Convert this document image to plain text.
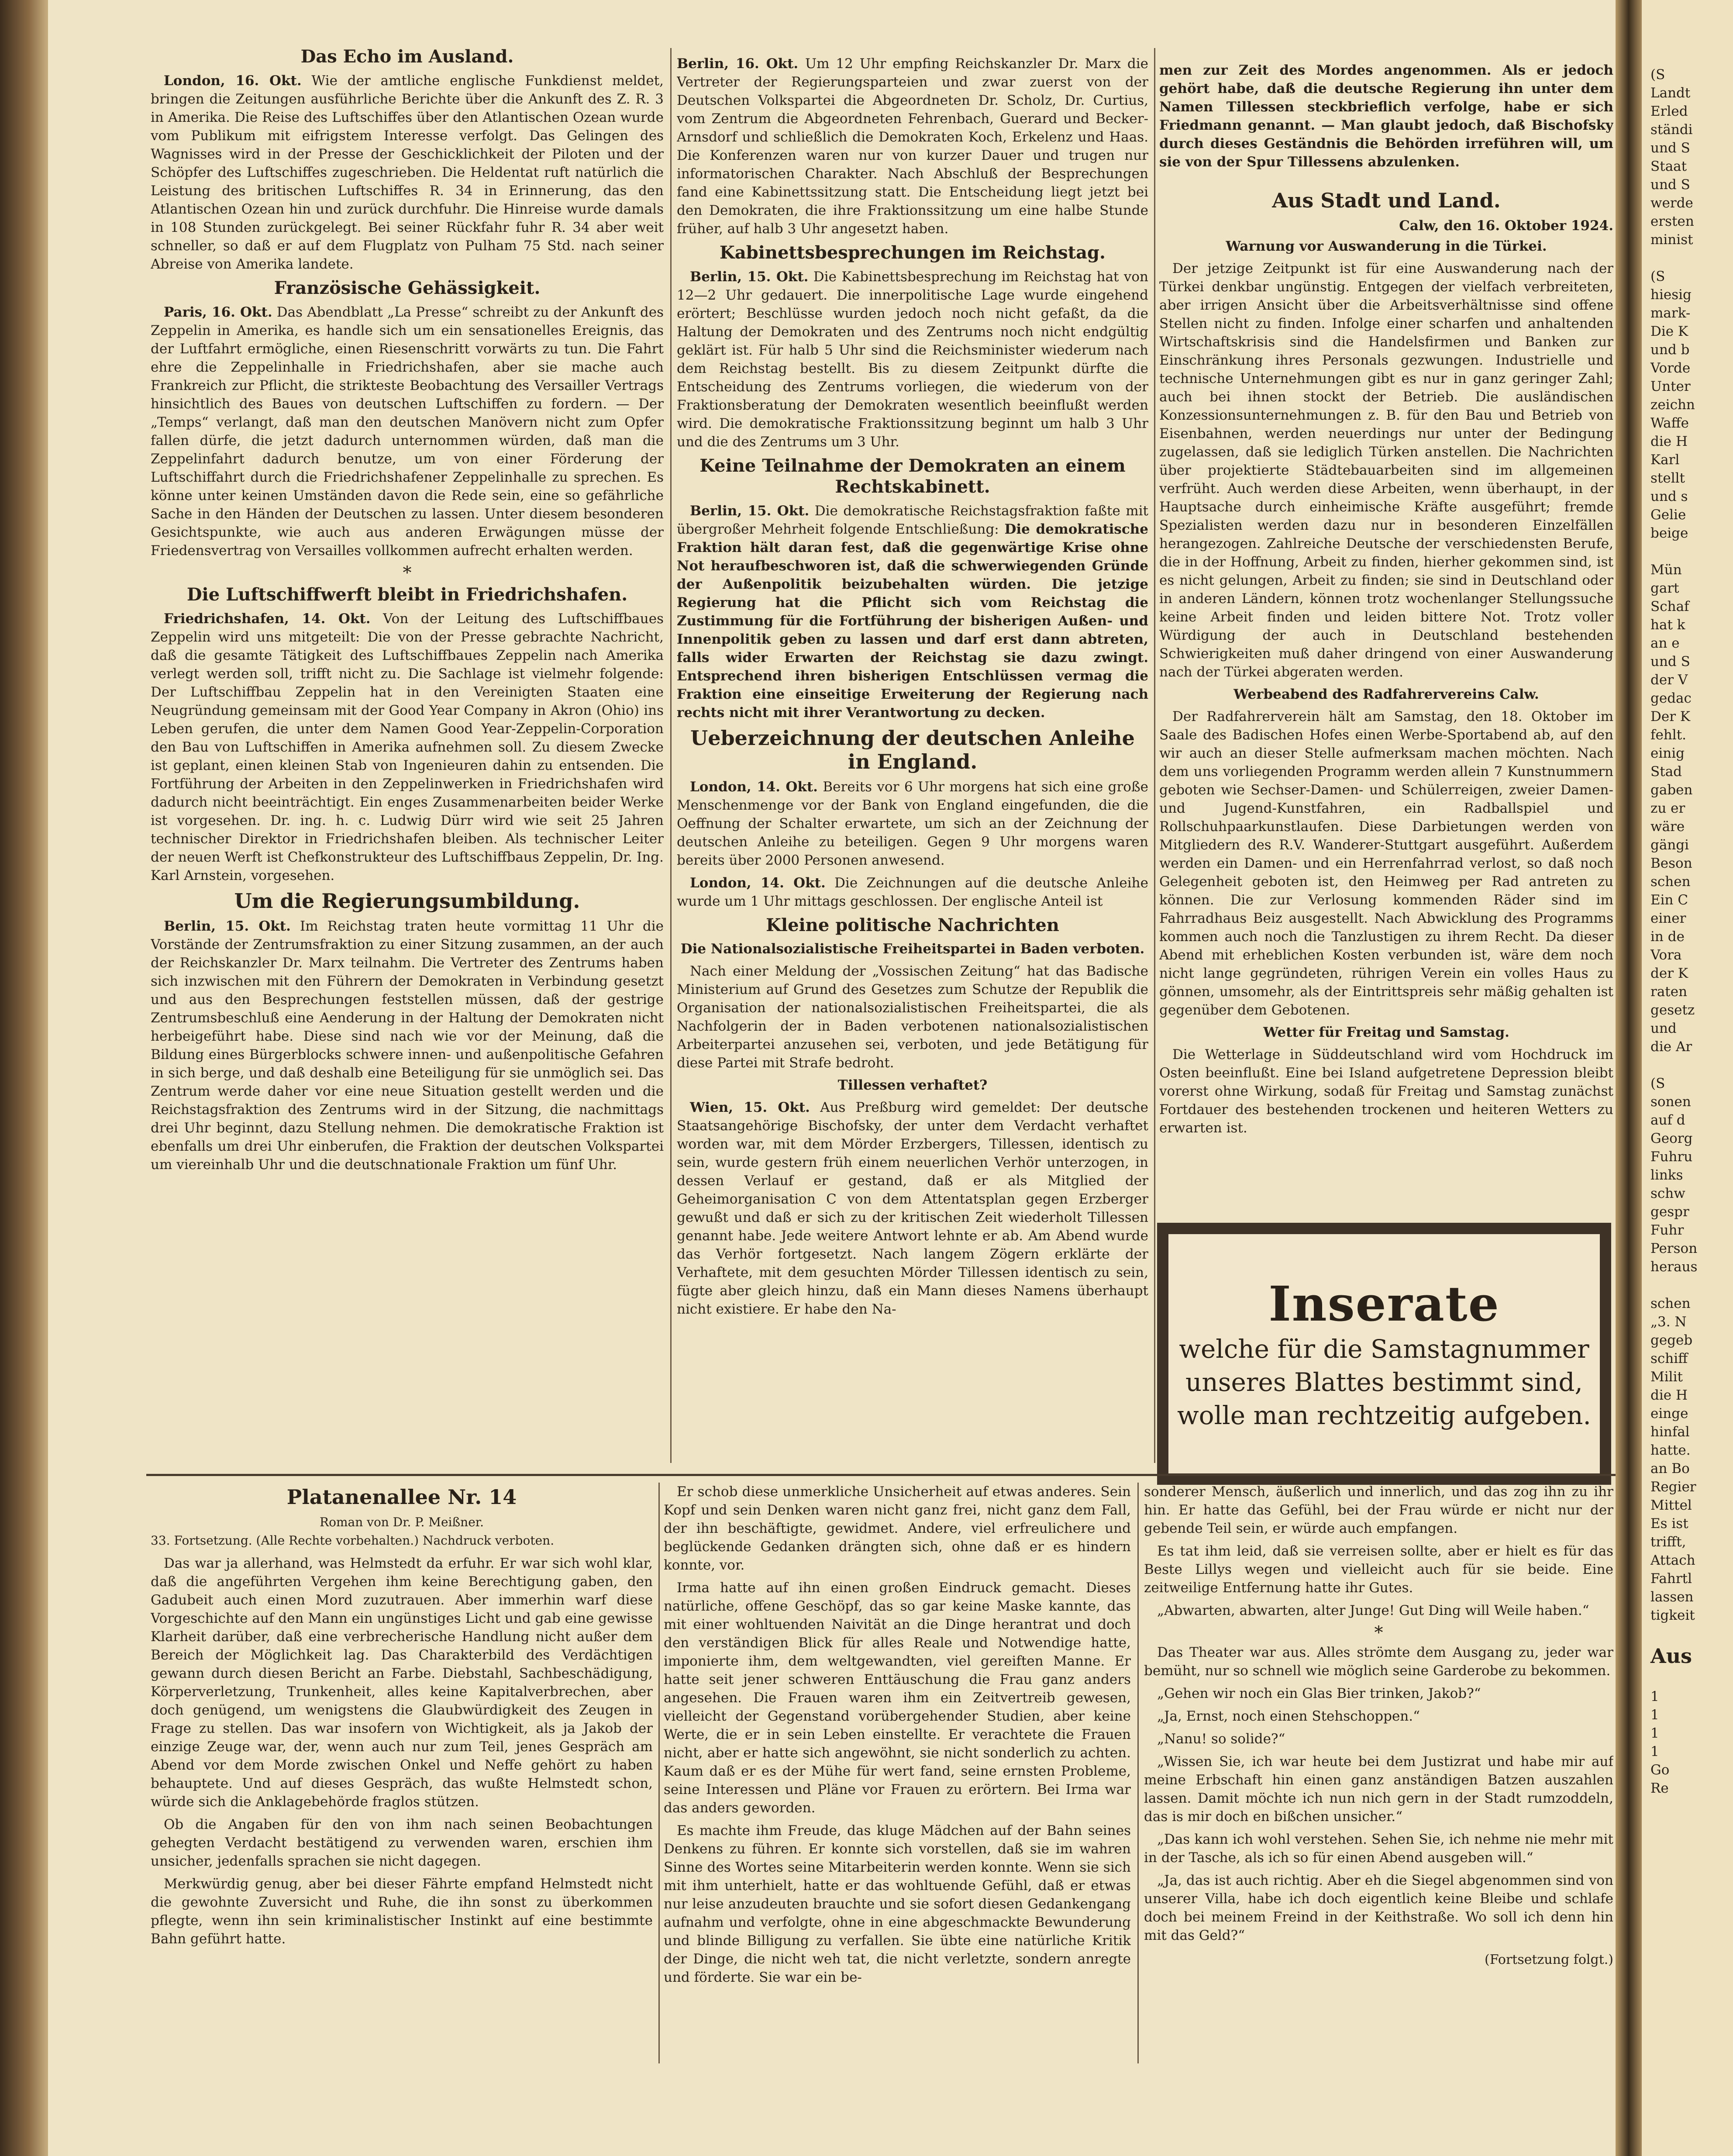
Das Echo im Ausland.

London, 16. Okt. Wie der amtliche englische Funkdienst meldet, bringen die Zeitungen ausführliche Berichte über die Ankunft des Z. R. 3 in Amerika. Die Reise des Luftschiffes über den Atlantischen Ozean wurde vom Publikum mit eifrigstem Interesse verfolgt. Das Gelingen des Wagnisses wird in der Presse der Geschicklichkeit der Piloten und der Schöpfer des Luftschiffes zugeschrieben. Die Heldentat ruft natürlich die Leistung des britischen Luftschiffes R. 34 in Erinnerung, das den Atlantischen Ozean hin und zurück durchfuhr. Die Hinreise wurde damals in 108 Stunden zurückgelegt. Bei seiner Rückfahr fuhr R. 34 aber weit schneller, so daß er auf dem Flugplatz von Pulham 75 Std. nach seiner Abreise von Amerika landete.

Französische Gehässigkeit.

Paris, 16. Okt. Das Abendblatt „La Presse“ schreibt zu der Ankunft des Zeppelin in Amerika, es handle sich um ein sensationelles Ereignis, das der Luftfahrt ermögliche, einen Riesenschritt vorwärts zu tun. Die Fahrt ehre die Zeppelinhalle in Friedrichshafen, aber sie mache auch Frankreich zur Pflicht, die strikteste Beobachtung des Versailler Vertrags hinsichtlich des Baues von deutschen Luftschiffen zu fordern. — Der „Temps“ verlangt, daß man den deutschen Manövern nicht zum Opfer fallen dürfe, die jetzt dadurch unternommen würden, daß man die Zeppelinfahrt dadurch benutze, um von einer Förderung der Luftschiffahrt durch die Friedrichshafener Zeppelinhalle zu sprechen. Es könne unter keinen Umständen davon die Rede sein, eine so gefährliche Sache in den Händen der Deutschen zu lassen. Unter diesem besonderen Gesichtspunkte, wie auch aus anderen Erwägungen müsse der Friedensvertrag von Versailles vollkommen aufrecht erhalten werden.

*
Die Luftschiffwerft bleibt in Friedrichshafen.

Friedrichshafen, 14. Okt. Von der Leitung des Luftschiffbaues Zeppelin wird uns mitgeteilt: Die von der Presse gebrachte Nachricht, daß die gesamte Tätigkeit des Luftschiffbaues Zeppelin nach Amerika verlegt werden soll, trifft nicht zu. Die Sachlage ist vielmehr folgende: Der Luftschiffbau Zeppelin hat in den Vereinigten Staaten eine Neugründung gemeinsam mit der Good Year Company in Akron (Ohio) ins Leben gerufen, die unter dem Namen Good Year-Zeppelin-Corporation den Bau von Luftschiffen in Amerika aufnehmen soll. Zu diesem Zwecke ist geplant, einen kleinen Stab von Ingenieuren dahin zu entsenden. Die Fortführung der Arbeiten in den Zeppelinwerken in Friedrichshafen wird dadurch nicht beeinträchtigt. Ein enges Zusammenarbeiten beider Werke ist vorgesehen. Dr. ing. h. c. Ludwig Dürr wird wie seit 25 Jahren technischer Direktor in Friedrichshafen bleiben. Als technischer Leiter der neuen Werft ist Chefkonstrukteur des Luftschiffbaus Zeppelin, Dr. Ing. Karl Arnstein, vorgesehen.

Um die Regierungsumbildung.

Berlin, 15. Okt. Im Reichstag traten heute vormittag 11 Uhr die Vorstände der Zentrumsfraktion zu einer Sitzung zusammen, an der auch der Reichskanzler Dr. Marx teilnahm. Die Vertreter des Zentrums haben sich inzwischen mit den Führern der Demokraten in Verbindung gesetzt und aus den Besprechungen feststellen müssen, daß der gestrige Zentrumsbeschluß eine Aenderung in der Haltung der Demokraten nicht herbeigeführt habe. Diese sind nach wie vor der Meinung, daß die Bildung eines Bürgerblocks schwere innen- und außenpolitische Gefahren in sich berge, und daß deshalb eine Beteiligung für sie unmöglich sei. Das Zentrum werde daher vor eine neue Situation gestellt werden und die Reichstagsfraktion des Zentrums wird in der Sitzung, die nachmittags drei Uhr beginnt, dazu Stellung nehmen. Die demokratische Fraktion ist ebenfalls um drei Uhr einberufen, die Fraktion der deutschen Volkspartei um viereinhalb Uhr und die deutschnationale Fraktion um fünf Uhr.

Berlin, 16. Okt. Um 12 Uhr empfing Reichskanzler Dr. Marx die Vertreter der Regierungsparteien und zwar zuerst von der Deutschen Volkspartei die Abgeordneten Dr. Scholz, Dr. Curtius, vom Zentrum die Abgeordneten Fehrenbach, Guerard und Becker-Arnsdorf und schließlich die Demokraten Koch, Erkelenz und Haas. Die Konferenzen waren nur von kurzer Dauer und trugen nur informatorischen Charakter. Nach Abschluß der Besprechungen fand eine Kabinettssitzung statt. Die Entscheidung liegt jetzt bei den Demokraten, die ihre Fraktionssitzung um eine halbe Stunde früher, auf halb 3 Uhr angesetzt haben.

Kabinettsbesprechungen im Reichstag.

Berlin, 15. Okt. Die Kabinettsbesprechung im Reichstag hat von 12—2 Uhr gedauert. Die innerpolitische Lage wurde eingehend erörtert; Beschlüsse wurden jedoch noch nicht gefaßt, da die Haltung der Demokraten und des Zentrums noch nicht endgültig geklärt ist. Für halb 5 Uhr sind die Reichsminister wiederum nach dem Reichstag bestellt. Bis zu diesem Zeitpunkt dürfte die Entscheidung des Zentrums vorliegen, die wiederum von der Fraktionsberatung der Demokraten wesentlich beeinflußt werden wird. Die demokratische Fraktionssitzung beginnt um halb 3 Uhr und die des Zentrums um 3 Uhr.

Keine Teilnahme der Demokraten an einem Rechtskabinett.

Berlin, 15. Okt. Die demokratische Reichstagsfraktion faßte mit übergroßer Mehrheit folgende Entschließung: Die demokratische Fraktion hält daran fest, daß die gegenwärtige Krise ohne Not heraufbeschworen ist, daß die schwerwiegenden Gründe der Außenpolitik beizubehalten würden. Die jetzige Regierung hat die Pflicht sich vom Reichstag die Zustimmung für die Fortführung der bisherigen Außen- und Innenpolitik geben zu lassen und darf erst dann abtreten, falls wider Erwarten der Reichstag sie dazu zwingt. Entsprechend ihren bisherigen Entschlüssen vermag die Fraktion eine einseitige Erweiterung der Regierung nach rechts nicht mit ihrer Verantwortung zu decken.

Ueberzeichnung der deutschen Anleihe in England.

London, 14. Okt. Bereits vor 6 Uhr morgens hat sich eine große Menschenmenge vor der Bank von England eingefunden, die die Oeffnung der Schalter erwartete, um sich an der Zeichnung der deutschen Anleihe zu beteiligen. Gegen 9 Uhr morgens waren bereits über 2000 Personen anwesend.

London, 14. Okt. Die Zeichnungen auf die deutsche Anleihe wurde um 1 Uhr mittags geschlossen. Der englische Anteil ist

Kleine politische Nachrichten
Die Nationalsozialistische Freiheitspartei in Baden verboten.

Nach einer Meldung der „Vossischen Zeitung“ hat das Badische Ministerium auf Grund des Gesetzes zum Schutze der Republik die Organisation der nationalsozialistischen Freiheitspartei, die als Nachfolgerin der in Baden verbotenen nationalsozialistischen Arbeiterpartei anzusehen sei, verboten, und jede Betätigung für diese Partei mit Strafe bedroht.

Tillessen verhaftet?

Wien, 15. Okt. Aus Preßburg wird gemeldet: Der deutsche Staatsangehörige Bischofsky, der unter dem Verdacht verhaftet worden war, mit dem Mörder Erzbergers, Tillessen, identisch zu sein, wurde gestern früh einem neuerlichen Verhör unterzogen, in dessen Verlauf er gestand, daß er als Mitglied der Geheimorganisation C von dem Attentatsplan gegen Erzberger gewußt und daß er sich zu der kritischen Zeit wiederholt Tillessen genannt habe. Jede weitere Antwort lehnte er ab. Am Abend wurde das Verhör fortgesetzt. Nach langem Zögern erklärte der Verhaftete, mit dem gesuchten Mörder Tillessen identisch zu sein, fügte aber gleich hinzu, daß ein Mann dieses Namens überhaupt nicht existiere. Er habe den Na-

men zur Zeit des Mordes angenommen. Als er jedoch gehört habe, daß die deutsche Regierung ihn unter dem Namen Tillessen steckbrieflich verfolge, habe er sich Friedmann genannt. — Man glaubt jedoch, daß Bischofsky durch dieses Geständnis die Behörden irreführen will, um sie von der Spur Tillessens abzulenken.

Aus Stadt und Land.
Calw, den 16. Oktober 1924.
Warnung vor Auswanderung in die Türkei.

Der jetzige Zeitpunkt ist für eine Auswanderung nach der Türkei denkbar ungünstig. Entgegen der vielfach verbreiteten, aber irrigen Ansicht über die Arbeitsverhältnisse sind offene Stellen nicht zu finden. Infolge einer scharfen und anhaltenden Wirtschaftskrisis sind die Handelsfirmen und Banken zur Einschränkung ihres Personals gezwungen. Industrielle und technische Unternehmungen gibt es nur in ganz geringer Zahl; auch bei ihnen stockt der Betrieb. Die ausländischen Konzessionsunternehmungen z. B. für den Bau und Betrieb von Eisenbahnen, werden neuerdings nur unter der Bedingung zugelassen, daß sie lediglich Türken anstellen. Die Nachrichten über projektierte Städtebauarbeiten sind im allgemeinen verfrüht. Auch werden diese Arbeiten, wenn überhaupt, in der Hauptsache durch einheimische Kräfte ausgeführt; fremde Spezialisten werden dazu nur in besonderen Einzelfällen herangezogen. Zahlreiche Deutsche der verschiedensten Berufe, die in der Hoffnung, Arbeit zu finden, hierher gekommen sind, ist es nicht gelungen, Arbeit zu finden; sie sind in Deutschland oder in anderen Ländern, können trotz wochenlanger Stellungssuche keine Arbeit finden und leiden bittere Not. Trotz voller Würdigung der auch in Deutschland bestehenden Schwierigkeiten muß daher dringend von einer Auswanderung nach der Türkei abgeraten werden.

Werbeabend des Radfahrervereins Calw.

Der Radfahrerverein hält am Samstag, den 18. Oktober im Saale des Badischen Hofes einen Werbe-Sportabend ab, auf den wir auch an dieser Stelle aufmerksam machen möchten. Nach dem uns vorliegenden Programm werden allein 7 Kunstnummern geboten wie Sechser-Damen- und Schülerreigen, zweier Damen- und Jugend-Kunstfahren, ein Radballspiel und Rollschuhpaarkunstlaufen. Diese Darbietungen werden von Mitgliedern des R.V. Wanderer-Stuttgart ausgeführt. Außerdem werden ein Damen- und ein Herrenfahrrad verlost, so daß noch Gelegenheit geboten ist, den Heimweg per Rad antreten zu können. Die zur Verlosung kommenden Räder sind im Fahrradhaus Beiz ausgestellt. Nach Abwicklung des Programms kommen auch noch die Tanzlustigen zu ihrem Recht. Da dieser Abend mit erheblichen Kosten verbunden ist, wäre dem noch nicht lange gegründeten, rührigen Verein ein volles Haus zu gönnen, umsomehr, als der Eintrittspreis sehr mäßig gehalten ist gegenüber dem Gebotenen.

Wetter für Freitag und Samstag.

Die Wetterlage in Süddeutschland wird vom Hochdruck im Osten beeinflußt. Eine bei Island aufgetretene Depression bleibt vorerst ohne Wirkung, sodaß für Freitag und Samstag zunächst Fortdauer des bestehenden trockenen und heiteren Wetters zu erwarten ist.

Inserate
welche für die Samstagnummer unseres Blattes bestimmt sind, wolle man rechtzeitig aufgeben.
Platanenallee Nr. 14
Roman von Dr. P. Meißner.

33. Fortsetzung. (Alle Rechte vorbehalten.) Nachdruck verboten.

Das war ja allerhand, was Helmstedt da erfuhr. Er war sich wohl klar, daß die angeführten Vergehen ihm keine Berechtigung gaben, den Gadubeit auch einen Mord zuzutrauen. Aber immerhin warf diese Vorgeschichte auf den Mann ein ungünstiges Licht und gab eine gewisse Klarheit darüber, daß eine verbrecherische Handlung nicht außer dem Bereich der Möglichkeit lag. Das Charakterbild des Verdächtigen gewann durch diesen Bericht an Farbe. Diebstahl, Sachbeschädigung, Körperverletzung, Trunkenheit, alles keine Kapitalverbrechen, aber doch genügend, um wenigstens die Glaubwürdigkeit des Zeugen in Frage zu stellen. Das war insofern von Wichtigkeit, als ja Jakob der einzige Zeuge war, der, wenn auch nur zum Teil, jenes Gespräch am Abend vor dem Morde zwischen Onkel und Neffe gehört zu haben behauptete. Und auf dieses Gespräch, das wußte Helmstedt schon, würde sich die Anklagebehörde fraglos stützen.

Ob die Angaben für den von ihm nach seinen Beobachtungen gehegten Verdacht bestätigend zu verwenden waren, erschien ihm unsicher, jedenfalls sprachen sie nicht dagegen.

Merkwürdig genug, aber bei dieser Fährte empfand Helmstedt nicht die gewohnte Zuversicht und Ruhe, die ihn sonst zu überkommen pflegte, wenn ihn sein kriminalistischer Instinkt auf eine bestimmte Bahn geführt hatte.

Er schob diese unmerkliche Unsicherheit auf etwas anderes. Sein Kopf und sein Denken waren nicht ganz frei, nicht ganz dem Fall, der ihn beschäftigte, gewidmet. Andere, viel erfreulichere und beglückende Gedanken drängten sich, ohne daß er es hindern konnte, vor.

Irma hatte auf ihn einen großen Eindruck gemacht. Dieses natürliche, offene Geschöpf, das so gar keine Maske kannte, das mit einer wohltuenden Naivität an die Dinge herantrat und doch den verständigen Blick für alles Reale und Notwendige hatte, imponierte ihm, dem weltgewandten, viel gereiften Manne. Er hatte seit jener schweren Enttäuschung die Frau ganz anders angesehen. Die Frauen waren ihm ein Zeitvertreib gewesen, vielleicht der Gegenstand vorübergehender Studien, aber keine Werte, die er in sein Leben einstellte. Er verachtete die Frauen nicht, aber er hatte sich angewöhnt, sie nicht sonderlich zu achten. Kaum daß er es der Mühe für wert fand, seine ernsten Probleme, seine Interessen und Pläne vor Frauen zu erörtern. Bei Irma war das anders geworden.

Es machte ihm Freude, das kluge Mädchen auf der Bahn seines Denkens zu führen. Er konnte sich vorstellen, daß sie im wahren Sinne des Wortes seine Mitarbeiterin werden konnte. Wenn sie sich mit ihm unterhielt, hatte er das wohltuende Gefühl, daß er etwas nur leise anzudeuten brauchte und sie sofort diesen Gedankengang aufnahm und verfolgte, ohne in eine abgeschmackte Bewunderung und blinde Billigung zu verfallen. Sie übte eine natürliche Kritik der Dinge, die nicht weh tat, die nicht verletzte, sondern anregte und förderte. Sie war ein be-

sonderer Mensch, äußerlich und innerlich, und das zog ihn zu ihr hin. Er hatte das Gefühl, bei der Frau würde er nicht nur der gebende Teil sein, er würde auch empfangen.

Es tat ihm leid, daß sie verreisen sollte, aber er hielt es für das Beste Lillys wegen und vielleicht auch für sie beide. Eine zeitweilige Entfernung hatte ihr Gutes.

„Abwarten, abwarten, alter Junge! Gut Ding will Weile haben.“

*

Das Theater war aus. Alles strömte dem Ausgang zu, jeder war bemüht, nur so schnell wie möglich seine Garderobe zu bekommen.

„Gehen wir noch ein Glas Bier trinken, Jakob?“

„Ja, Ernst, noch einen Stehschoppen.“

„Nanu! so solide?“

„Wissen Sie, ich war heute bei dem Justizrat und habe mir auf meine Erbschaft hin einen ganz anständigen Batzen auszahlen lassen. Damit möchte ich nun nich gern in der Stadt rumzoddeln, das is mir doch en bißchen unsicher.“

„Das kann ich wohl verstehen. Sehen Sie, ich nehme nie mehr mit in der Tasche, als ich so für einen Abend ausgeben will.“

„Ja, das ist auch richtig. Aber eh die Siegel abgenommen sind von unserer Villa, habe ich doch eigentlich keine Bleibe und schlafe doch bei meinem Freind in der Keithstraße. Wo soll ich denn hin mit das Geld?“

(Fortsetzung folgt.)
(S
Landt
Erled
ständi
und S
Staat
und S
werde
ersten
minist

(S
hiesig
mark-
Die K
und b
Vorde
Unter
zeichn
Waffe
die H
Karl
stellt
und s
Gelie
beige

Mün
gart
Schaf
hat k
an e
und S
der V
gedac
Der K
fehlt.
einig
Stad
gaben
zu er
wäre
gängi
Beson
schen
Ein C
einer
in de
Vora
der K
raten
gesetz
und
die Ar

(S
sonen
auf d
Georg
Fuhru
links
schw
gespr
Fuhr
Person
heraus

schen
„3. N
gegeb
schiff
Milit
die H
einge
hinfal
hatte.
an Bo
Regier
Mittel
Es ist
trifft,
Attach
Fahrtl
lassen
tigkeit

Aus

1
1
1
1
Go
Re
